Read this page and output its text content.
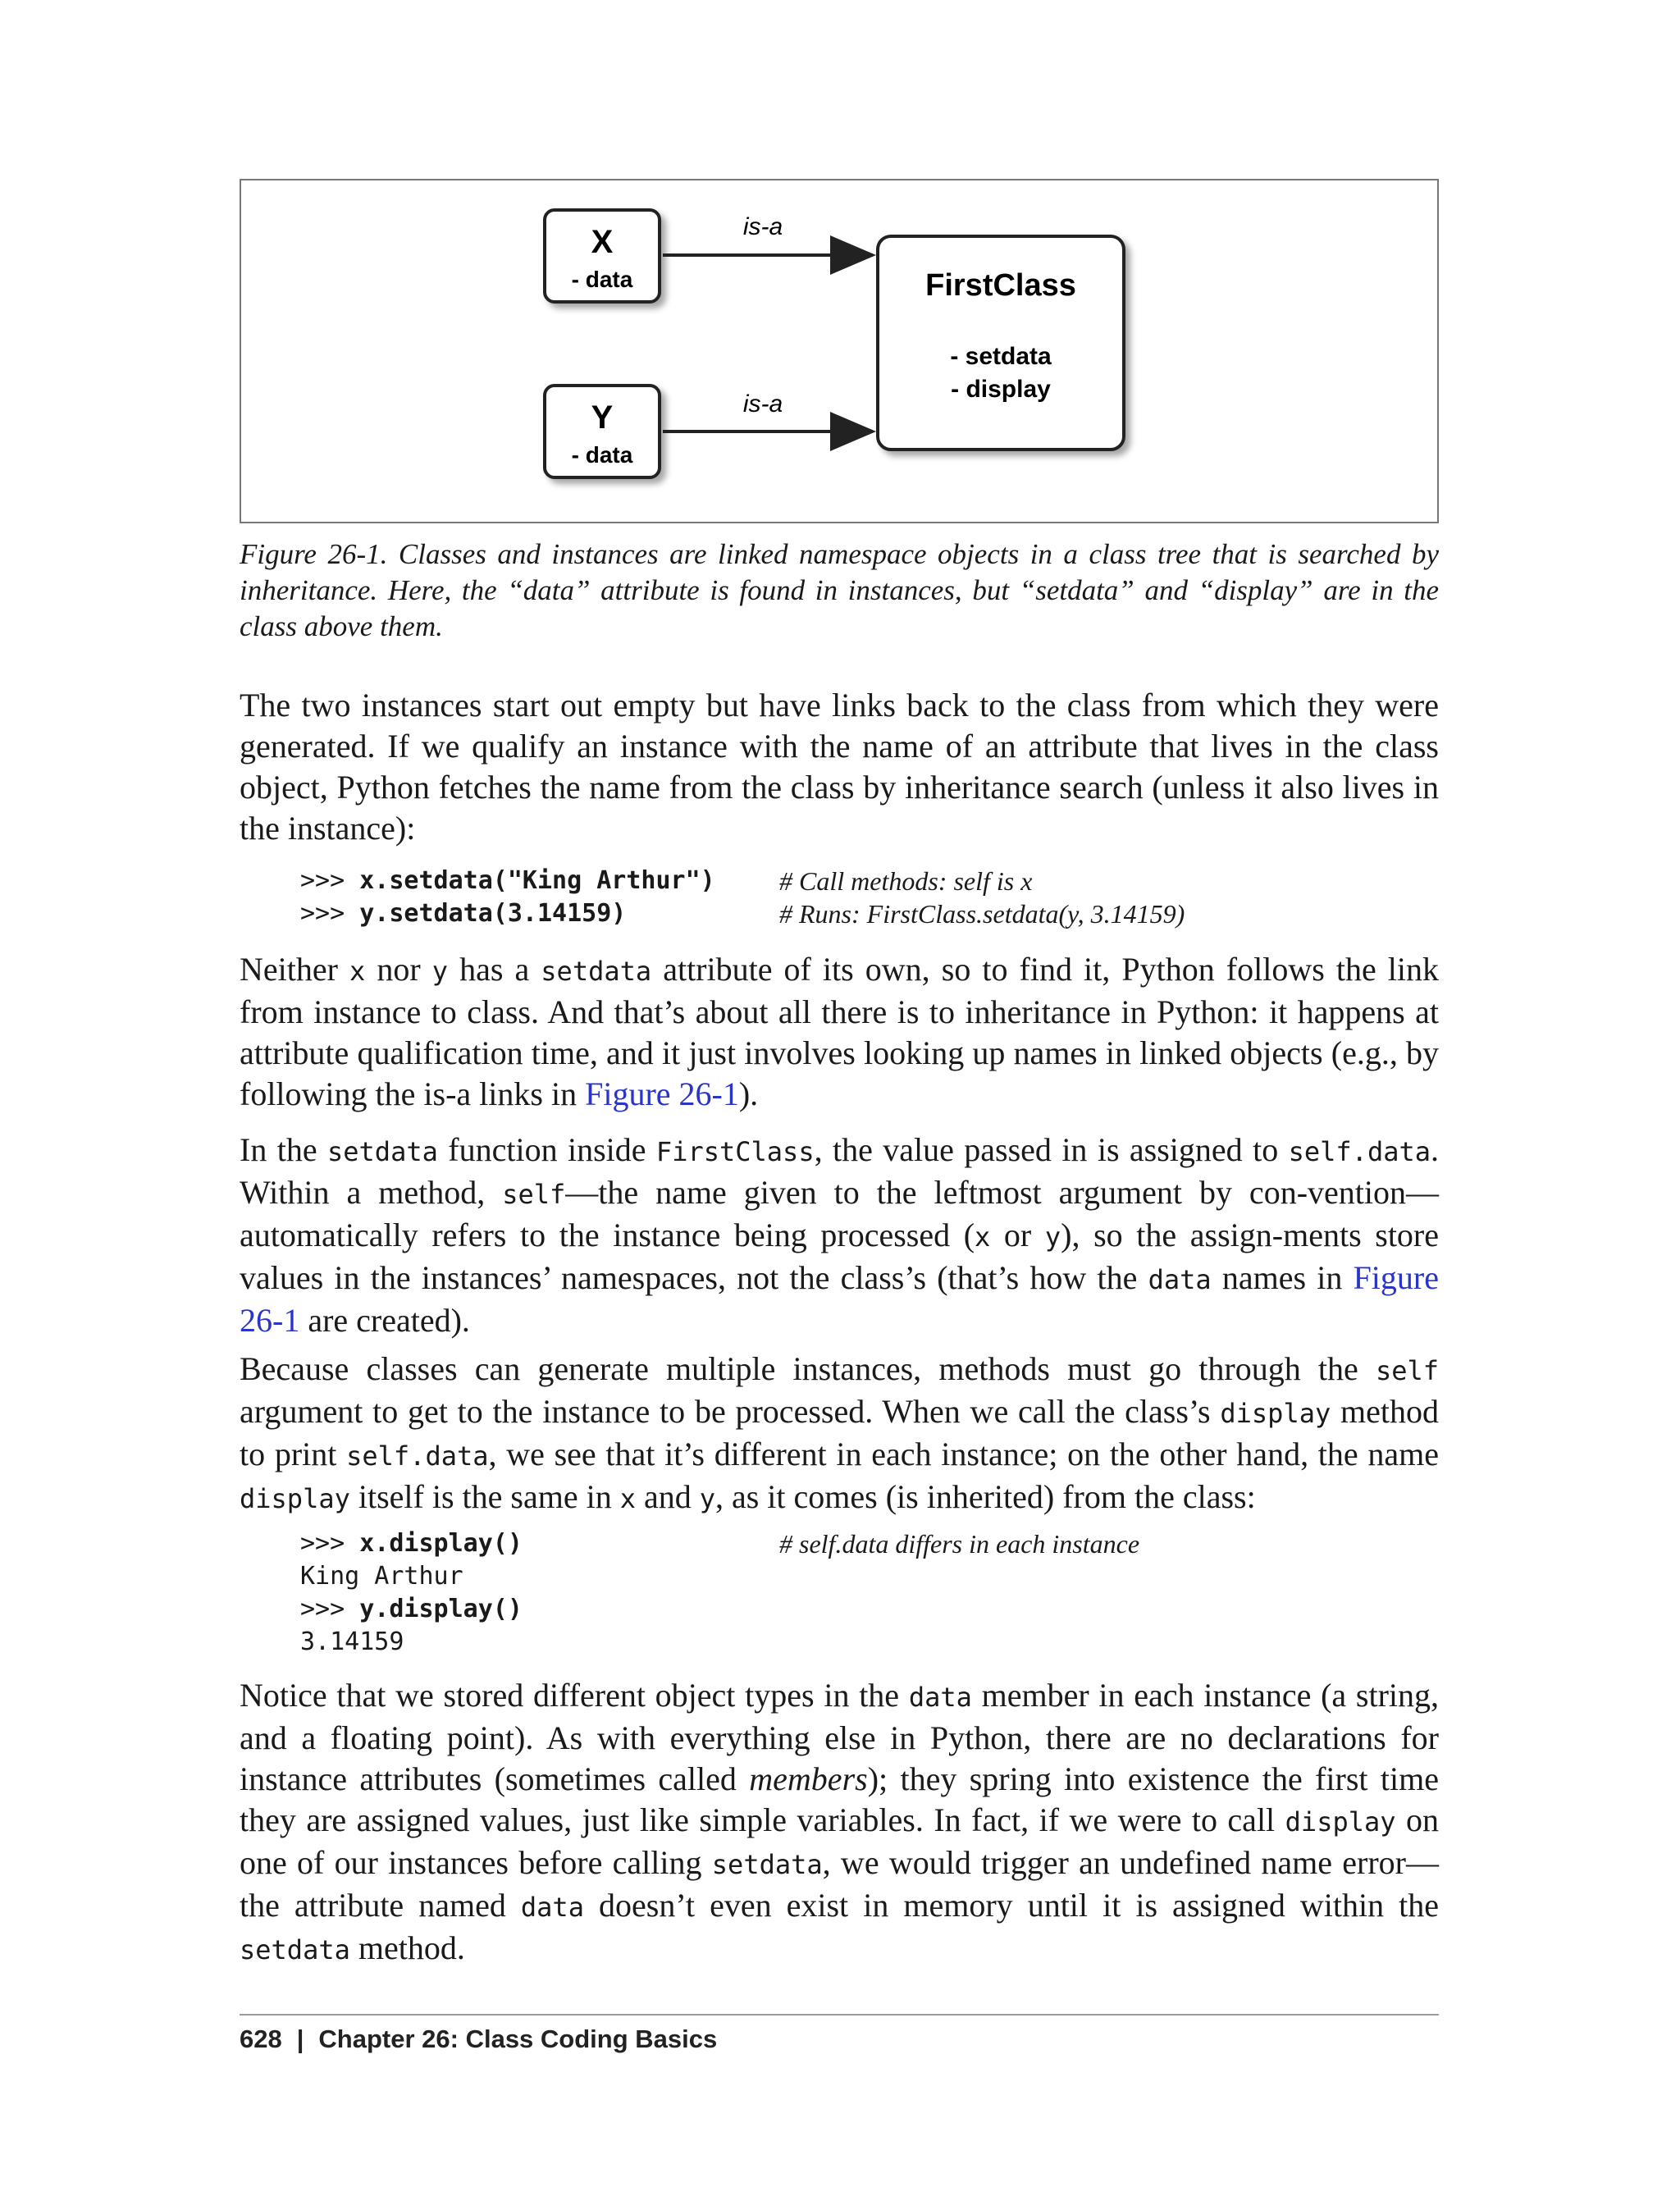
X
- data
Y
- data
FirstClass
- setdata
- display
is-a
is-a
Figure 26-1. Classes and instances are linked namespace objects in a class tree that is searched by inheritance. Here, the “data” attribute is found in instances, but “setdata” and “display” are in the class above them.

The two instances start out empty but have links back to the class from which they were generated. If we qualify an instance with the name of an attribute that lives in the class object, Python fetches the name from the class by inheritance search (unless it also lives in the instance):

>>> x.setdata("King Arthur") # Call methods: self is x
>>> y.setdata(3.14159)	# Runs: FirstClass.setdata(y, 3.14159)

Neither x nor y has a setdata attribute of its own, so to find it, Python follows the link from instance to class. And that’s about all there is to inheritance in Python: it happens at attribute qualification time, and it just involves looking up names in linked objects (e.g., by following the is-a links in Figure 26-1).

In the setdata function inside FirstClass, the value passed in is assigned to self.data. Within a method, self—the name given to the leftmost argument by con-vention—automatically refers to the instance being processed (x or y), so the assign-ments store values in the instances’ namespaces, not the class’s (that’s how the data names in Figure 26-1 are created).

Because classes can generate multiple instances, methods must go through the self argument to get to the instance to be processed. When we call the class’s display method to print self.data, we see that it’s different in each instance; on the other hand, the name display itself is the same in x and y, as it comes (is inherited) from the class:

>>> x.display()	# self.data differs in each instance
King Arthur
>>> y.display()
3.14159

Notice that we stored different object types in the data member in each instance (a string, and a floating point). As with everything else in Python, there are no declarations for instance attributes (sometimes called members); they spring into existence the first time they are assigned values, just like simple variables. In fact, if we were to call display on one of our instances before calling setdata, we would trigger an undefined name error—the attribute named data doesn’t even exist in memory until it is assigned within the setdata method.

628 | Chapter 26: Class Coding Basics
